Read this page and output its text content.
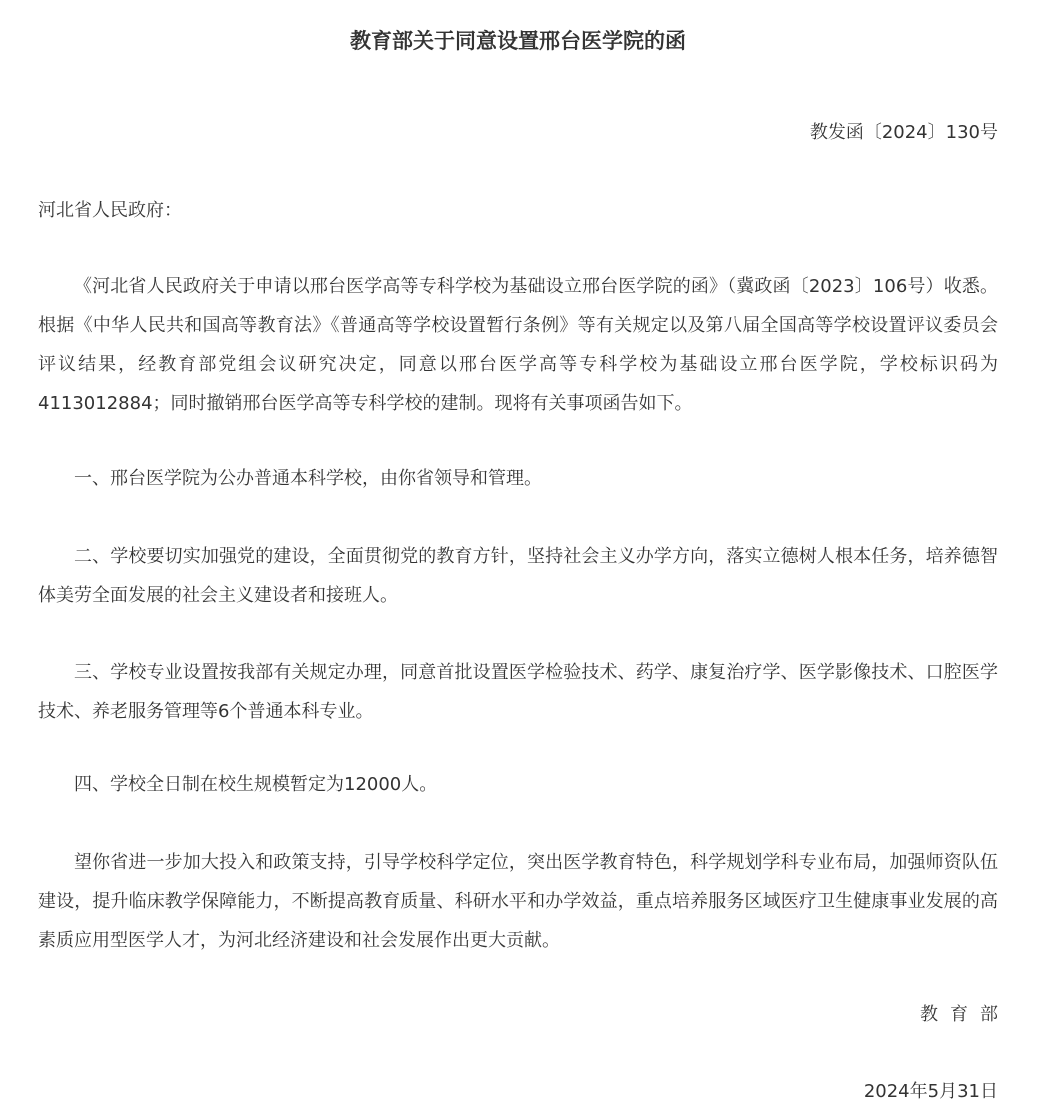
教育部关于同意设置邢台医学院的函
教发函〔2024〕130号
河北省人民政府：

《河北省人民政府关于申请以邢台医学高等专科学校为基础设立邢台医学院的函》（冀政函〔2023〕106号）收悉。根据《中华人民共和国高等教育法》《普通高等学校设置暂行条例》等有关规定以及第八届全国高等学校设置评议委员会评议结果，经教育部党组会议研究决定，同意以邢台医学高等专科学校为基础设立邢台医学院，学校标识码为4113012884；同时撤销邢台医学高等专科学校的建制。现将有关事项函告如下。

一、邢台医学院为公办普通本科学校，由你省领导和管理。

二、学校要切实加强党的建设，全面贯彻党的教育方针，坚持社会主义办学方向，落实立德树人根本任务，培养德智体美劳全面发展的社会主义建设者和接班人。

三、学校专业设置按我部有关规定办理，同意首批设置医学检验技术、药学、康复治疗学、医学影像技术、口腔医学技术、养老服务管理等6个普通本科专业。

四、学校全日制在校生规模暂定为12000人。

望你省进一步加大投入和政策支持，引导学校科学定位，突出医学教育特色，科学规划学科专业布局，加强师资队伍建设，提升临床教学保障能力，不断提高教育质量、科研水平和办学效益，重点培养服务区域医疗卫生健康事业发展的高素质应用型医学人才，为河北经济建设和社会发展作出更大贡献。

教育部
2024年5月31日
